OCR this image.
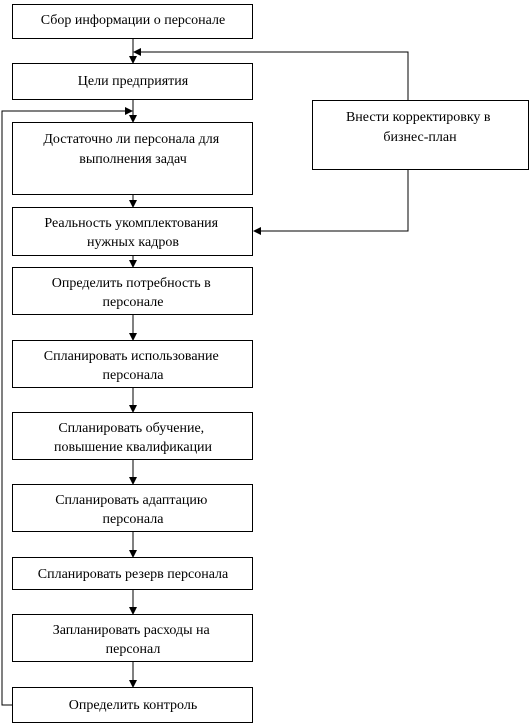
Сбор информации о персонале
Цели предприятия
Достаточно ли персонала для выполнения задач
Реальность укомплектования нужных кадров
Определить потребность в персонале
Спланировать использование персонала
Спланировать обучение, повышение квалификации
Спланировать адаптацию персонала
Спланировать резерв персонала
Запланировать расходы на персонал
Определить контроль
Внести корректировку в бизнес-план
